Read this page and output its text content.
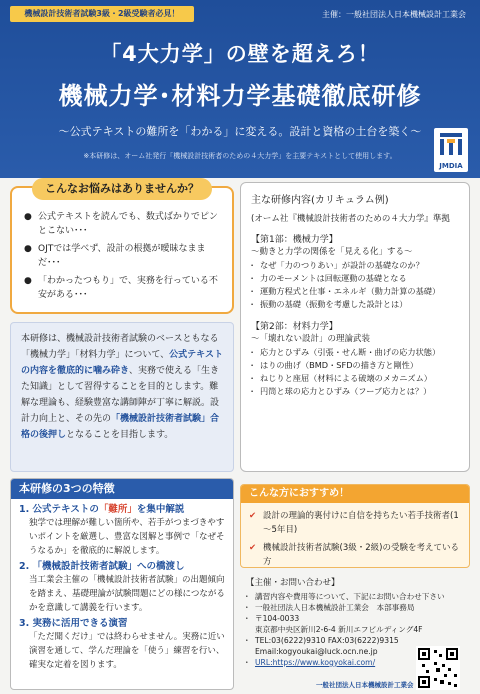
機械設計技術者試験3級・2級受験者必見！	主催：一般社団法人日本機械設計工業会
「4大力学」の壁を超えろ！
機械力学･材料力学基礎徹底研修
～公式テキストの難所を「わかる」に変える。設計と資格の土台を築く～
※本研修は、オーム社発行「機械設計技術者のための４大力学」を主要テキストとして使用します。
JMDIA
こんなお悩みはありませんか？
● 公式テキストを読んでも、数式ばかりでピンとこない･･･
● OJTでは学べず、設計の根拠が曖昧なままだ･･･
● 「わかったつもり」で、実務を行っている不安がある･･･
本研修は、機械設計技術者試験のベースともなる「機械力学」「材料力学」について、公式テキストの内容を徹底的に噛み砕き、実務で使える「生きた知識」として習得することを目的とします。難解な理論も、経験豊富な講師陣が丁寧に解説。設計力向上と、その先の「機械設計技術者試験」合格の後押しとなることを目指します。
主な研修内容(カリキュラム例)
(オーム社『機械設計技術者のための４大力学』準拠
【第1部：機械力学】
～動きと力学の関係を「見える化」する～
・ なぜ「力のつりあい」が設計の基礎なのか？
・ 力のモーメントは回転運動の基礎となる
・ 運動方程式と仕事・エネルギ（動力計算の基礎）
・ 振動の基礎（振動を考慮した設計とは）
【第2部：材料力学】
～「壊れない設計」の理論武装
・ 応力とひずみ（引張・せん断・曲げの応力状態）
・ はりの曲げ（BMD・SFDの描き方と剛性）
・ ねじりと座屈（材料による破壊のメカニズム）
・ 円筒と球の応力とひずみ（フープ応力とは？）
本研修の3つの特徴
1. 公式テキストの「難所」を集中解説
独学では理解が難しい箇所や、若手がつまづきやすいポイントを厳選し、豊富な図解と事例で「なぜそうなるか」を徹底的に解説します。
2. 「機械設計技術者試験」への橋渡し
当工業会主催の「機械設計技術者試験」の出題傾向を踏まえ、基礎理論が試験問題にどの様につながるかを意識して講義を行います。
3. 実務に活用できる演習
「ただ聞くだけ」では終わらせません。実務に近い演習を通して、学んだ理論を「使う」練習を行い、確実な定着を図ります。
こんな方におすすめ！
✔ 設計の理論的裏付けに自信を持ちたい若手技術者(1～5年目)
✔ 機械設計技術者試験(3級・2級)の受験を考えている方
【主催・お問い合わせ】
・ 講習内容や費用等について、下記にお問い合わせ下さい
・ 一般社団法人日本機械設計工業会　本部事務局
・ 〒104-0033
東京都中央区新川2-6-4 新川エフビルディング4F
・ TEL:03(6222)9310 FAX:03(6222)9315
Email:kogyoukai@luck.ocn.ne.jp
・ URL:https://www.kogyokai.com/
一般社団法人日本機械設計工業会
